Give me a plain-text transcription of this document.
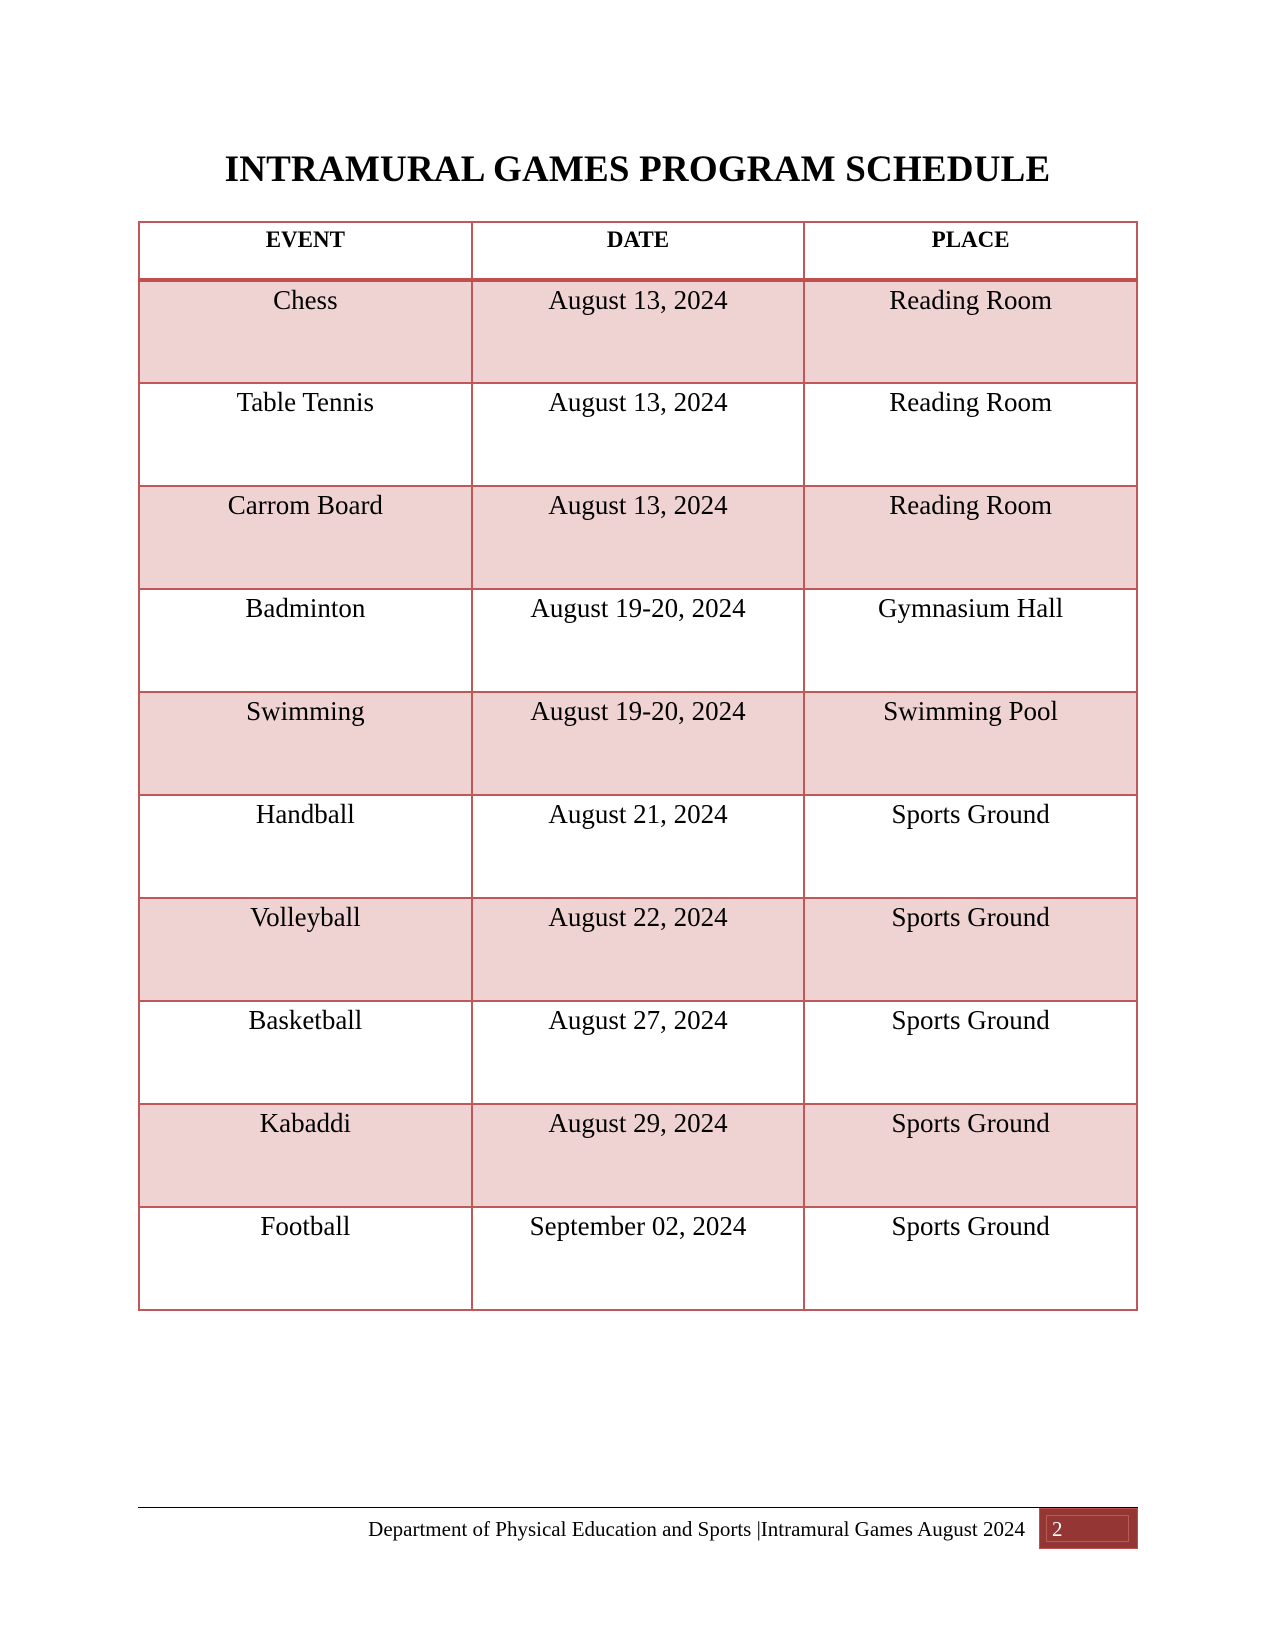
INTRAMURAL GAMES PROGRAM SCHEDULE
EVENT	DATE	PLACE
Chess	August 13, 2024	Reading Room
Table Tennis	August 13, 2024	Reading Room
Carrom Board	August 13, 2024	Reading Room
Badminton	August 19-20, 2024	Gymnasium Hall
Swimming	August 19-20, 2024	Swimming Pool
Handball	August 21, 2024	Sports Ground
Volleyball	August 22, 2024	Sports Ground
Basketball	August 27, 2024	Sports Ground
Kabaddi	August 29, 2024	Sports Ground
Football	September 02, 2024	Sports Ground
Department of Physical Education and Sports |Intramural Games August 2024 2
